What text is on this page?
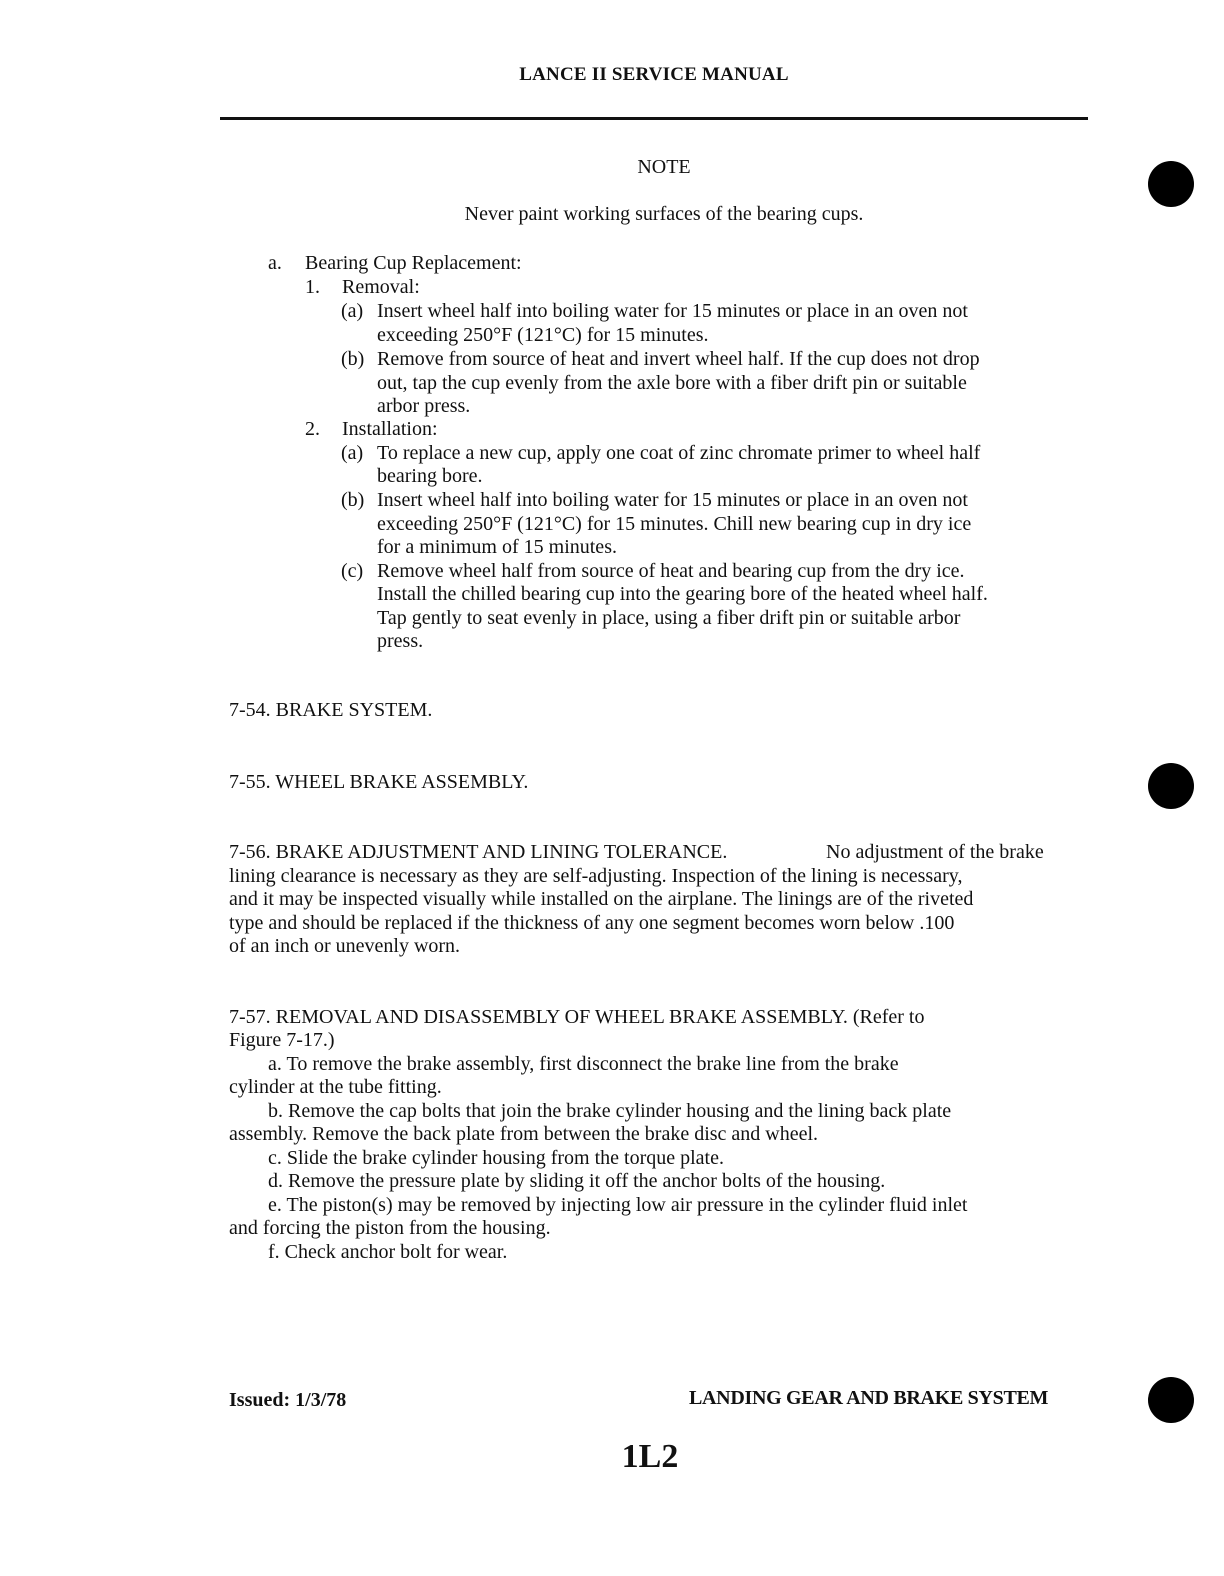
LANCE II SERVICE MANUAL
NOTE
Never paint working surfaces of the bearing cups.
a. Bearing Cup Replacement:
1. Removal:
(a) Insert wheel half into boiling water for 15 minutes or place in an oven not
exceeding 250°F (121°C) for 15 minutes.
(b) Remove from source of heat and invert wheel half. If the cup does not drop
out, tap the cup evenly from the axle bore with a fiber drift pin or suitable
arbor press.
2. Installation:
(a) To replace a new cup, apply one coat of zinc chromate primer to wheel half
bearing bore.
(b) Insert wheel half into boiling water for 15 minutes or place in an oven not
exceeding 250°F (121°C) for 15 minutes. Chill new bearing cup in dry ice
for a minimum of 15 minutes.
(c) Remove wheel half from source of heat and bearing cup from the dry ice.
Install the chilled bearing cup into the gearing bore of the heated wheel half.
Tap gently to seat evenly in place, using a fiber drift pin or suitable arbor
press.
7-54. BRAKE SYSTEM.
7-55. WHEEL BRAKE ASSEMBLY.
7-56. BRAKE ADJUSTMENT AND LINING TOLERANCE.	No adjustment of the brake
lining clearance is necessary as they are self-adjusting. Inspection of the lining is necessary,
and it may be inspected visually while installed on the airplane. The linings are of the riveted
type and should be replaced if the thickness of any one segment becomes worn below .100
of an inch or unevenly worn.
7-57. REMOVAL AND DISASSEMBLY OF WHEEL BRAKE ASSEMBLY. (Refer to
Figure 7-17.)
a. To remove the brake assembly, first disconnect the brake line from the brake
cylinder at the tube fitting.
b. Remove the cap bolts that join the brake cylinder housing and the lining back plate
assembly. Remove the back plate from between the brake disc and wheel.
c. Slide the brake cylinder housing from the torque plate.
d. Remove the pressure plate by sliding it off the anchor bolts of the housing.
e. The piston(s) may be removed by injecting low air pressure in the cylinder fluid inlet
and forcing the piston from the housing.
f. Check anchor bolt for wear.
Issued: 1/3/78	LANDING GEAR AND BRAKE SYSTEM
1L2
